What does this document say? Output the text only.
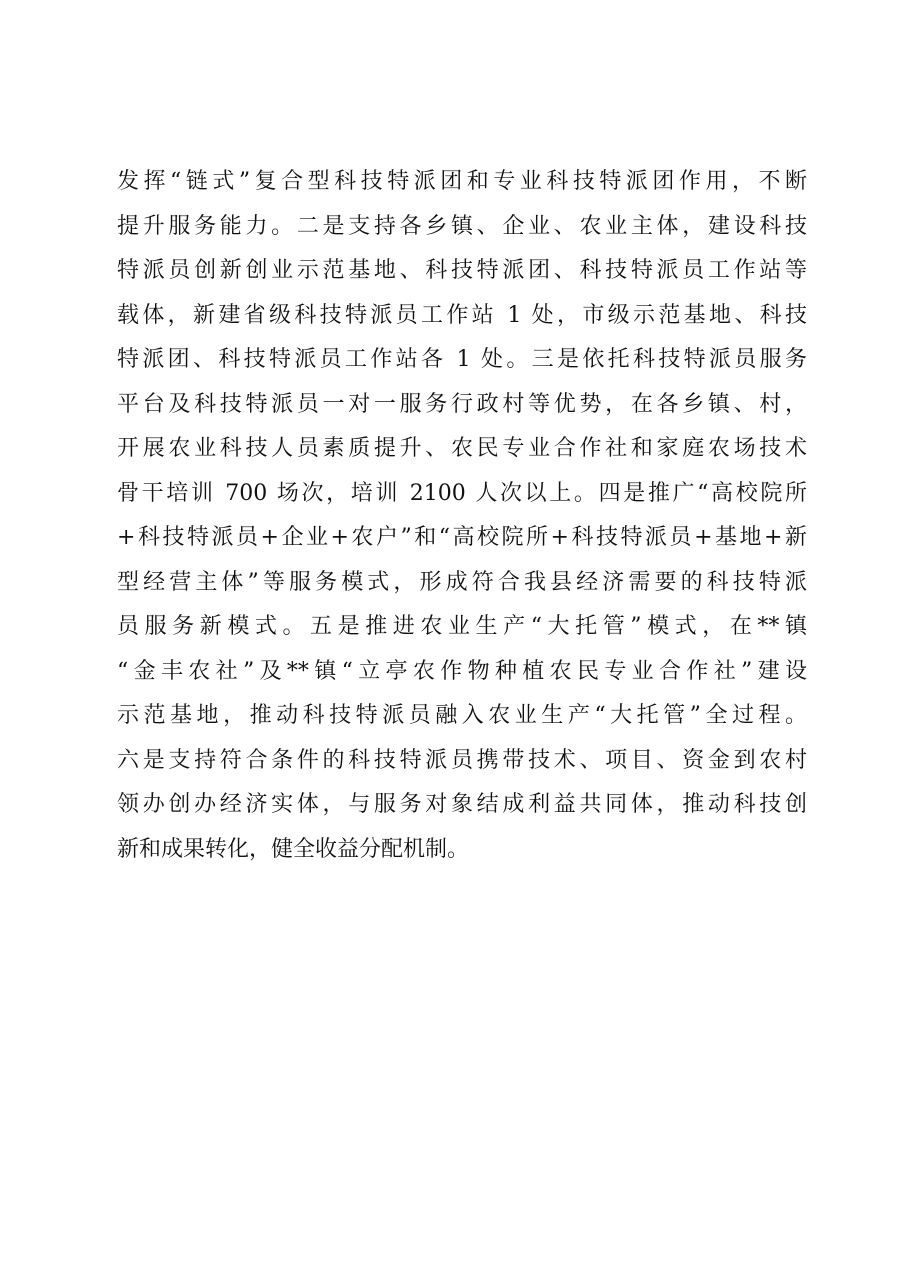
发挥“链式”复合型科技特派团和专业科技特派团作用，不断
提升服务能力。二是支持各乡镇、企业、农业主体，建设科技
特派员创新创业示范基地、科技特派团、科技特派员工作站等
载体，新建省级科技特派员工作站 1 处，市级示范基地、科技
特派团、科技特派员工作站各 1 处。三是依托科技特派员服务
平台及科技特派员一对一服务行政村等优势，在各乡镇、村，
开展农业科技人员素质提升、农民专业合作社和家庭农场技术
骨干培训 700 场次，培训 2100 人次以上。四是推广“高校院所
+科技特派员+企业+农户”和“高校院所+科技特派员+基地+新
型经营主体”等服务模式，形成符合我县经济需要的科技特派
员服务新模式。五是推进农业生产“大托管”模式，在**镇
“金丰农社”及**镇“立亭农作物种植农民专业合作社”建设
示范基地，推动科技特派员融入农业生产“大托管”全过程。
六是支持符合条件的科技特派员携带技术、项目、资金到农村
领办创办经济实体，与服务对象结成利益共同体，推动科技创
新和成果转化，健全收益分配机制。
